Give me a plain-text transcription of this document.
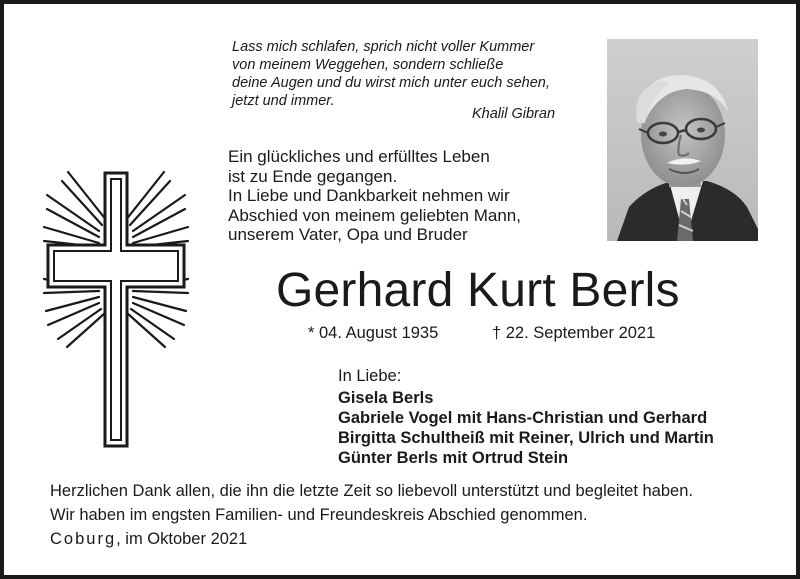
Lass mich schlafen, sprich nicht voller Kummer
von meinem Weggehen, sondern schließe
deine Augen und du wirst mich unter euch sehen,
jetzt und immer.
Khalil Gibran
Ein glückliches und erfülltes Leben
ist zu Ende gegangen.
In Liebe und Dankbarkeit nehmen wir
Abschied von meinem geliebten Mann,
unserem Vater, Opa und Bruder
Gerhard Kurt Berls
* 04. August 1935	† 22. September 2021
In Liebe:
Gisela Berls
Gabriele Vogel mit Hans-Christian und Gerhard
Birgitta Schultheiß mit Reiner, Ulrich und Martin
Günter Berls mit Ortrud Stein
Herzlichen Dank allen, die ihn die letzte Zeit so liebevoll unterstützt und begleitet haben.
Wir haben im engsten Familien- und Freundeskreis Abschied genommen.
Coburg, im Oktober 2021
